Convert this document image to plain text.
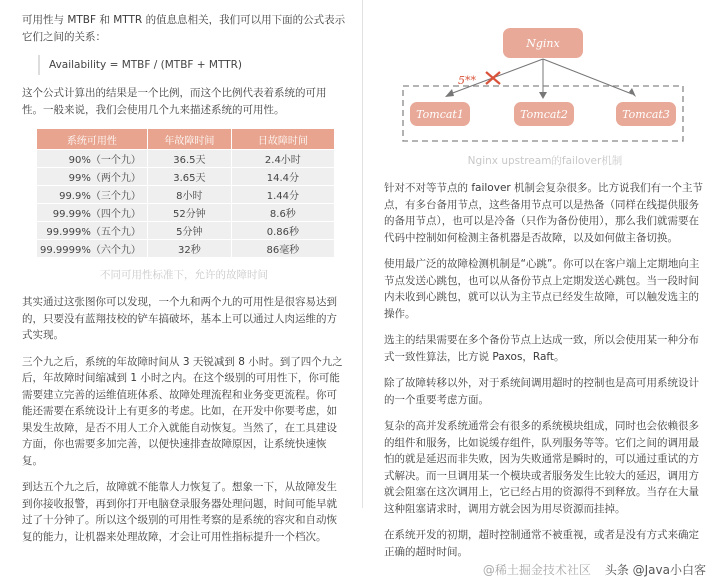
可用性与 MTBF 和 MTTR 的值息息相关，我们可以用下面的公式表示它们之间的关系：

Availability = MTBF / (MTBF + MTTR)

这个公式计算出的结果是一个比例，而这个比例代表着系统的可用性。一般来说，我们会使用几个九来描述系统的可用性。

系统可用性	年故障时间	日故障时间
90%（一个九）	36.5天	2.4小时
99%（两个九）	3.65天	14.4分
99.9%（三个九）	8小时	1.44分
99.99%（四个九）	52分钟	8.6秒
99.999%（五个九）	5分钟	0.86秒
99.9999%（六个九）	32秒	86毫秒
不同可用性标准下，允许的故障时间

其实通过这张图你可以发现，一个九和两个九的可用性是很容易达到的，只要没有蓝翔技校的铲车搞破坏，基本上可以通过人肉运维的方式实现。

三个九之后，系统的年故障时间从 3 天锐减到 8 小时。到了四个九之后，年故障时间缩减到 1 小时之内。在这个级别的可用性下，你可能需要建立完善的运维值班体系、故障处理流程和业务变更流程。你可能还需要在系统设计上有更多的考虑。比如，在开发中你要考虑，如果发生故障，是否不用人工介入就能自动恢复。当然了，在工具建设方面，你也需要多加完善，以便快速排查故障原因，让系统快速恢复。

到达五个九之后，故障就不能靠人力恢复了。想象一下，从故障发生到你接收报警，再到你打开电脑登录服务器处理问题，时间可能早就过了十分钟了。所以这个级别的可用性考察的是系统的容灾和自动恢复的能力，让机器来处理故障，才会让可用性指标提升一个档次。

5**
Nginx
Tomcat1	Tomcat2	Tomcat3
Nginx upstream的failover机制

针对不对等节点的 failover 机制会复杂很多。比方说我们有一个主节点，有多台备用节点，这些备用节点可以是热备（同样在线提供服务的备用节点），也可以是冷备（只作为备份使用），那么我们就需要在代码中控制如何检测主备机器是否故障，以及如何做主备切换。

使用最广泛的故障检测机制是“心跳”。你可以在客户端上定期地向主节点发送心跳包，也可以从备份节点上定期发送心跳包。当一段时间内未收到心跳包，就可以认为主节点已经发生故障，可以触发选主的操作。

选主的结果需要在多个备份节点上达成一致，所以会使用某一种分布式一致性算法，比方说 Paxos，Raft。

除了故障转移以外，对于系统间调用超时的控制也是高可用系统设计的一个重要考虑方面。

复杂的高并发系统通常会有很多的系统模块组成，同时也会依赖很多的组件和服务，比如说缓存组件，队列服务等等。它们之间的调用最怕的就是延迟而非失败，因为失败通常是瞬时的，可以通过重试的方式解决。而一旦调用某一个模块或者服务发生比较大的延迟，调用方就会阻塞在这次调用上，它已经占用的资源得不到释放。当存在大量这种阻塞请求时，调用方就会因为用尽资源而挂掉。

在系统开发的初期，超时控制通常不被重视，或者是没有方式来确定正确的超时时间。

@稀土掘金技术社区 头条 @Java小白客
